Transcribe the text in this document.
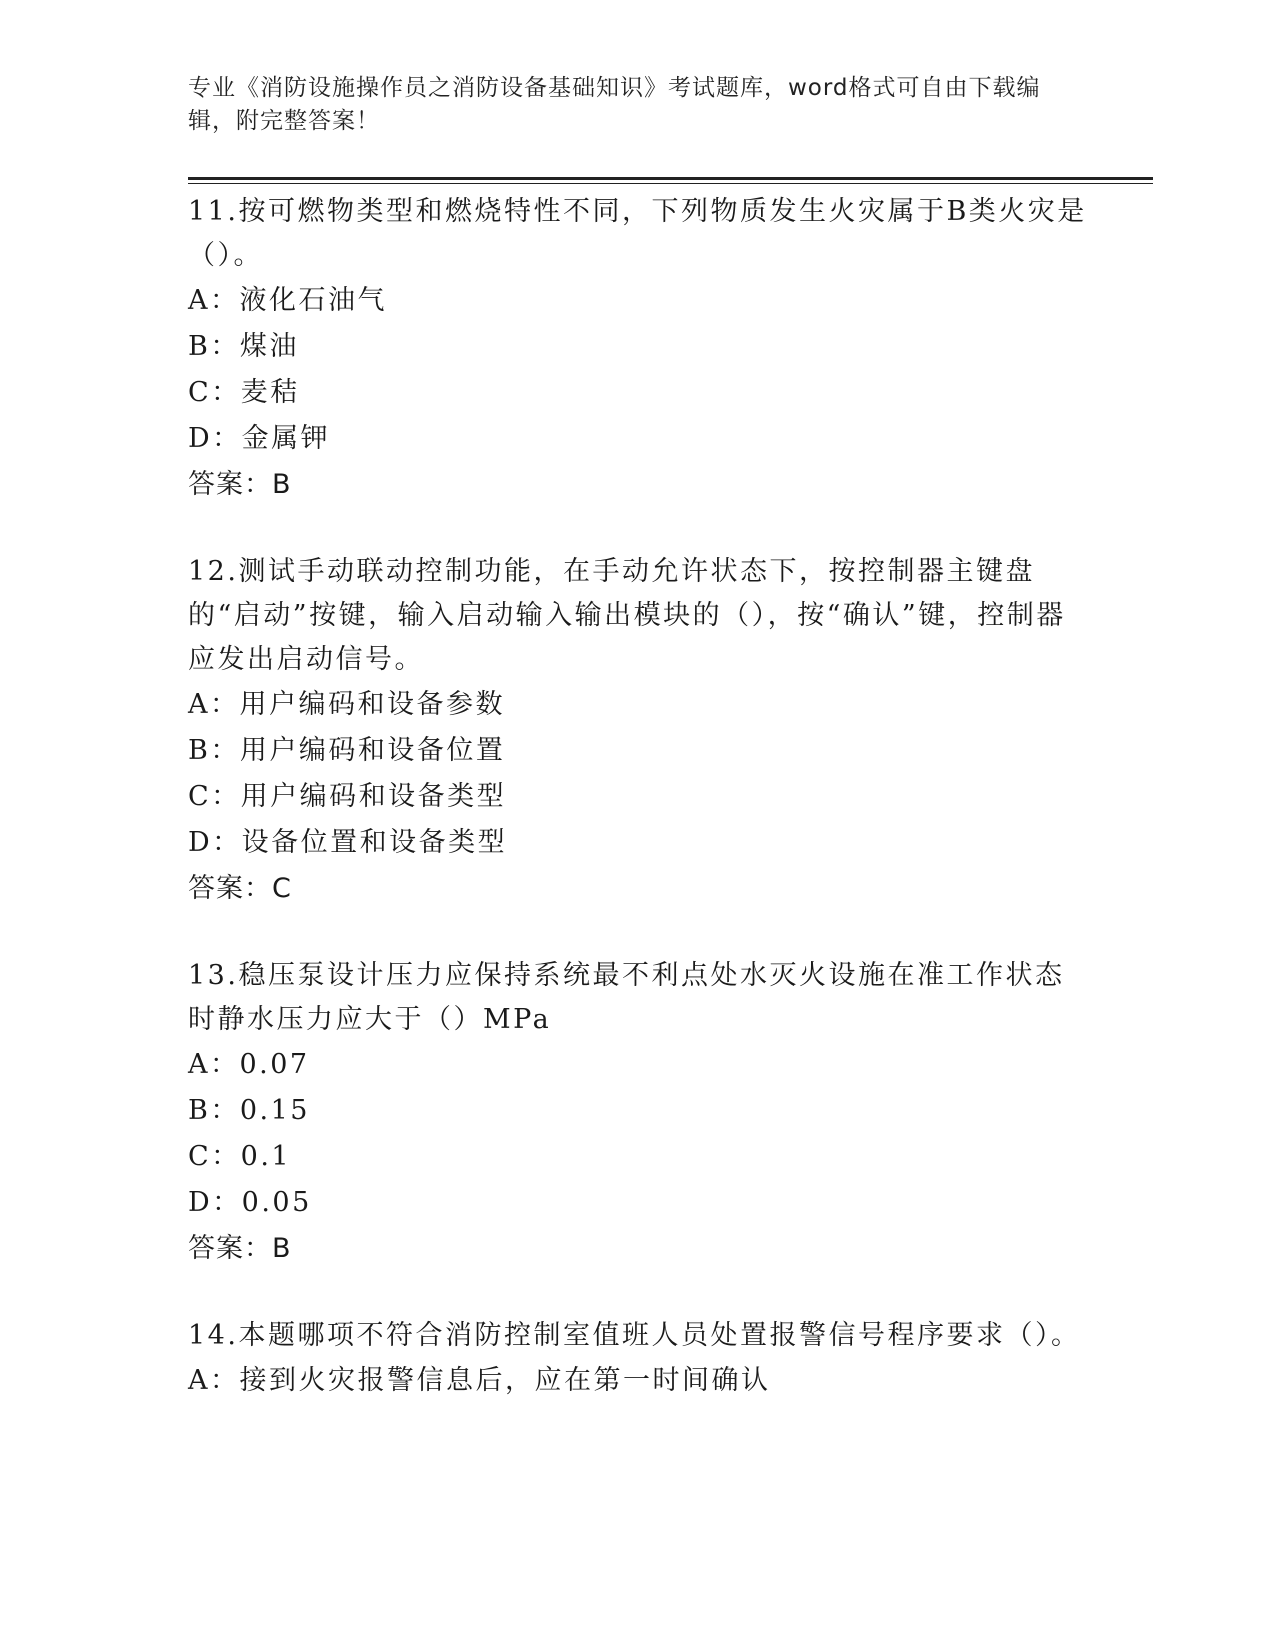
专业《消防设施操作员之消防设备基础知识》考试题库，word格式可自由下载编辑，附完整答案！

11.按可燃物类型和燃烧特性不同，下列物质发生火灾属于B类火灾是（）。

A：液化石油气

B：煤油

C：麦秸

D：金属钾

答案：B

12.测试手动联动控制功能，在手动允许状态下，按控制器主键盘的“启动”按键，输入启动输入输出模块的（），按“确认”键，控制器应发出启动信号。

A：用户编码和设备参数

B：用户编码和设备位置

C：用户编码和设备类型

D：设备位置和设备类型

答案：C

13.稳压泵设计压力应保持系统最不利点处水灭火设施在准工作状态时静水压力应大于（）MPa

A：0.07

B：0.15

C：0.1

D：0.05

答案：B

14.本题哪项不符合消防控制室值班人员处置报警信号程序要求（）。

A：接到火灾报警信息后，应在第一时间确认
